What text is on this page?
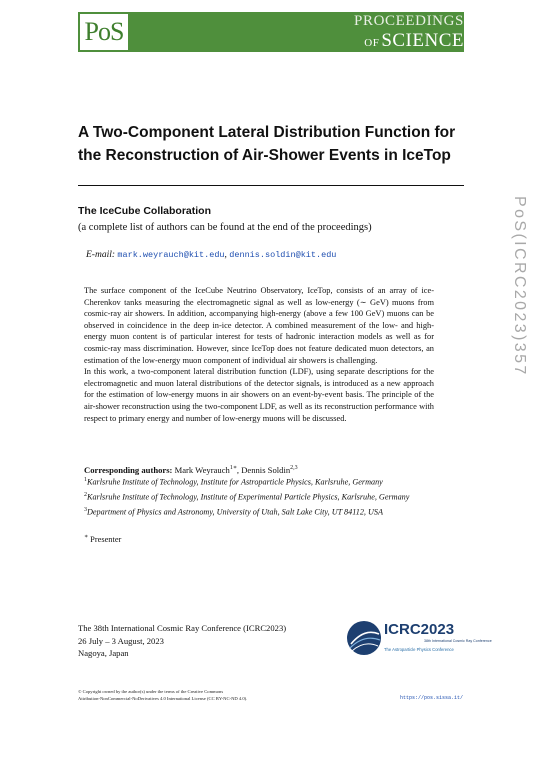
PoS	PROCEEDINGS
OF SCIENCE
A Two-Component Lateral Distribution Function for the Reconstruction of Air-Shower Events in IceTop
The IceCube Collaboration
(a complete list of authors can be found at the end of the proceedings)
E-mail: mark.weyrauch@kit.edu, dennis.soldin@kit.edu

The surface component of the IceCube Neutrino Observatory, IceTop, consists of an array of ice-Cherenkov tanks measuring the electromagnetic signal as well as low-energy (∼ GeV) muons from cosmic-ray air showers. In addition, accompanying high-energy (above a few 100 GeV) muons can be observed in coincidence in the deep in-ice detector. A combined measurement of the low- and high-energy muon content is of particular interest for tests of hadronic interaction models as well as for cosmic-ray mass discrimination. However, since IceTop does not feature dedicated muon detectors, an estimation of the low-energy muon component of individual air showers is challenging.

In this work, a two-component lateral distribution function (LDF), using separate descriptions for the electromagnetic and muon lateral distributions of the detector signals, is introduced as a new approach for the estimation of low-energy muons in air showers on an event-by-event basis. The principle of the air-shower reconstruction using the two-component LDF, as well as its reconstruction performance with respect to primary energy and number of low-energy muons will be discussed.

Corresponding authors: Mark Weyrauch$^{1∗}$, Dennis Soldin$^{2,3}$
$^1$Karlsruhe Institute of Technology, Institute for Astroparticle Physics, Karlsruhe, Germany
$^2$Karlsruhe Institute of Technology, Institute of Experimental Particle Physics, Karlsruhe, Germany
$^3$Department of Physics and Astronomy, University of Utah, Salt Lake City, UT 84112, USA
∗ Presenter
The 38th International Cosmic Ray Conference (ICRC2023)
26 July – 3 August, 2023
Nagoya, Japan
ICRC2023
38th International Cosmic Ray Conference
The Astroparticle Physics Conference
© Copyright owned by the author(s) under the terms of the Creative Commons
Attribution-NonCommercial-NoDerivatives 4.0 International License (CC BY-NC-ND 4.0).	https://pos.sissa.it/
PoS(ICRC2023)357
